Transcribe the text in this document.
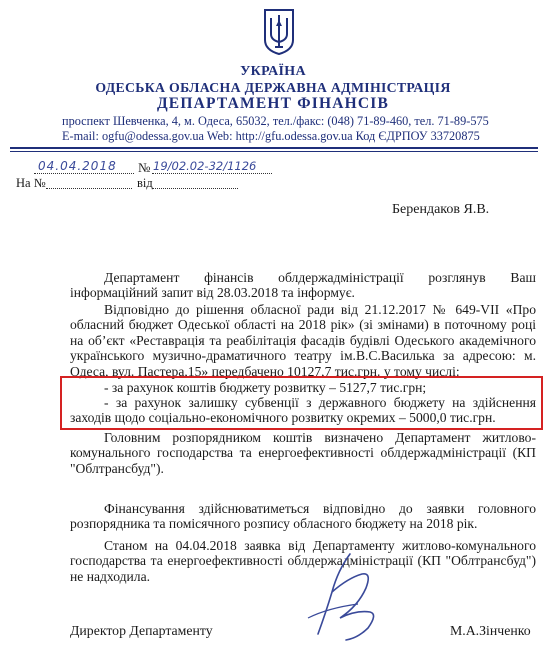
УКРАЇНА
ОДЕСЬКА ОБЛАСНА ДЕРЖАВНА АДМІНІСТРАЦІЯ
ДЕПАРТАМЕНТ ФІНАНСІВ
проспект Шевченка, 4, м. Одеса, 65032, тел./факс: (048) 71-89-460, тел. 71-89-575
E-mail: ogfu@odessa.gov.ua Web: http://gfu.odessa.gov.ua Код ЄДРПОУ 33720875
04.04.2018 № 19/02.02-32/1126
На №	від
Берендаков Я.В.
Департамент фінансів облдержадміністрації розглянув Ваш інформаційний запит від 28.03.2018 та інформує.
Відповідно до рішення обласної ради від 21.12.2017 № 649-VII «Про обласний бюджет Одеської області на 2018 рік» (зі змінами) в поточному році на об’єкт «Реставрація та реабілітація фасадів будівлі Одеського академічного українського музично-драматичного театру ім.В.С.Василька за адресою: м. Одеса, вул. Пастера,15» передбачено 10127,7 тис.грн. у тому числі:
- за рахунок коштів бюджету розвитку – 5127,7 тис.грн;
- за рахунок залишку субвенції з державного бюджету на здійснення заходів щодо соціально-економічного розвитку окремих – 5000,0 тис.грн.
Головним розпорядником коштів визначено Департамент житлово-комунального господарства та енергоефективності облдержадміністрації (КП "Облтрансбуд").
Фінансування здійснюватиметься відповідно до заявки головного розпорядника та помісячного розпису обласного бюджету на 2018 рік.
Станом на 04.04.2018 заявка від Департаменту житлово-комунального господарства та енергоефективності облдержадміністрації (КП "Облтрансбуд") не надходила.
Директор Департаменту	М.А.Зінченко
